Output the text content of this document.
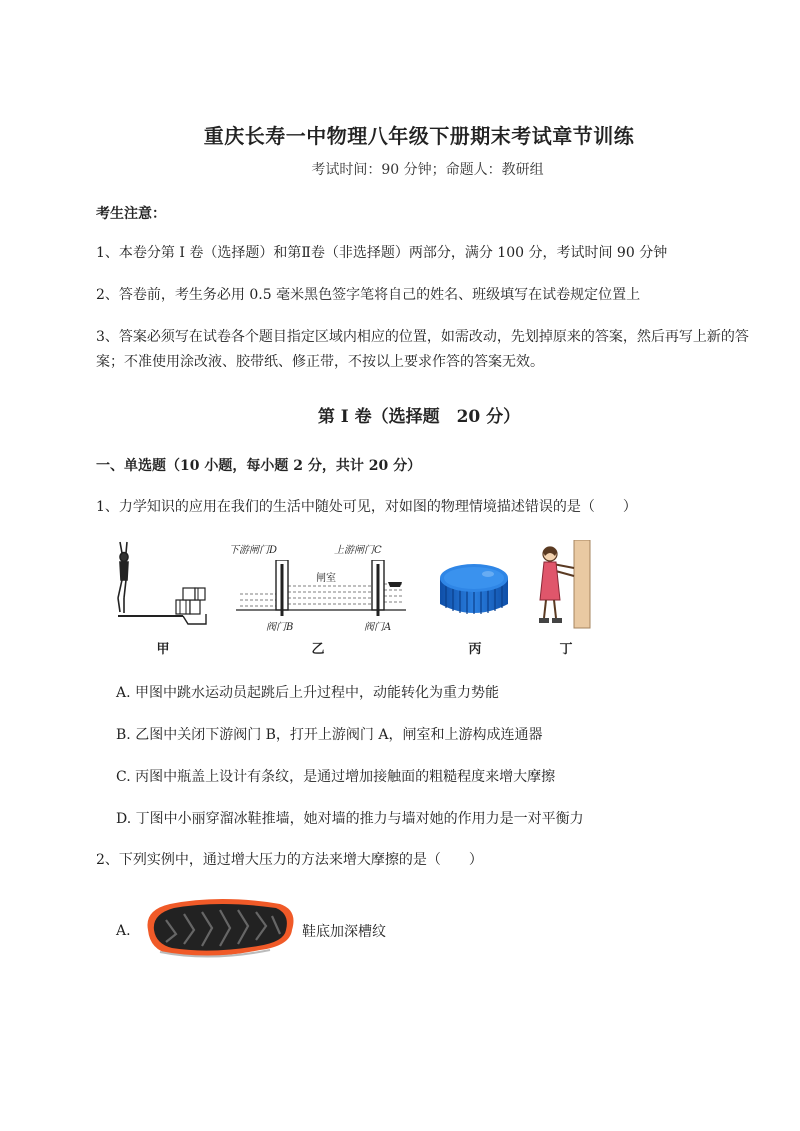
重庆长寿一中物理八年级下册期末考试章节训练
考试时间：90 分钟；命题人：教研组
考生注意：
1、本卷分第 I 卷（选择题）和第Ⅱ卷（非选择题）两部分，满分 100 分，考试时间 90 分钟
2、答卷前，考生务必用 0.5 毫米黑色签字笔将自己的姓名、班级填写在试卷规定位置上
3、答案必须写在试卷各个题目指定区域内相应的位置，如需改动，先划掉原来的答案，然后再写上新的答案；不准使用涂改液、胶带纸、修正带，不按以上要求作答的答案无效。
第 I 卷（选择题　20 分）
一、单选题（10 小题，每小题 2 分，共计 20 分）
1、力学知识的应用在我们的生活中随处可见，对如图的物理情境描述错误的是（　　）
甲
下游闸门D	上游闸门C
闸室
阀门B	阀门A
乙	丙	丁
A. 甲图中跳水运动员起跳后上升过程中，动能转化为重力势能
B. 乙图中关闭下游阀门 B，打开上游阀门 A，闸室和上游构成连通器
C. 丙图中瓶盖上设计有条纹，是通过增加接触面的粗糙程度来增大摩擦
D. 丁图中小丽穿溜冰鞋推墙，她对墙的推力与墙对她的作用力是一对平衡力
2、下列实例中，通过增大压力的方法来增大摩擦的是（　　）
A.	鞋底加深槽纹
